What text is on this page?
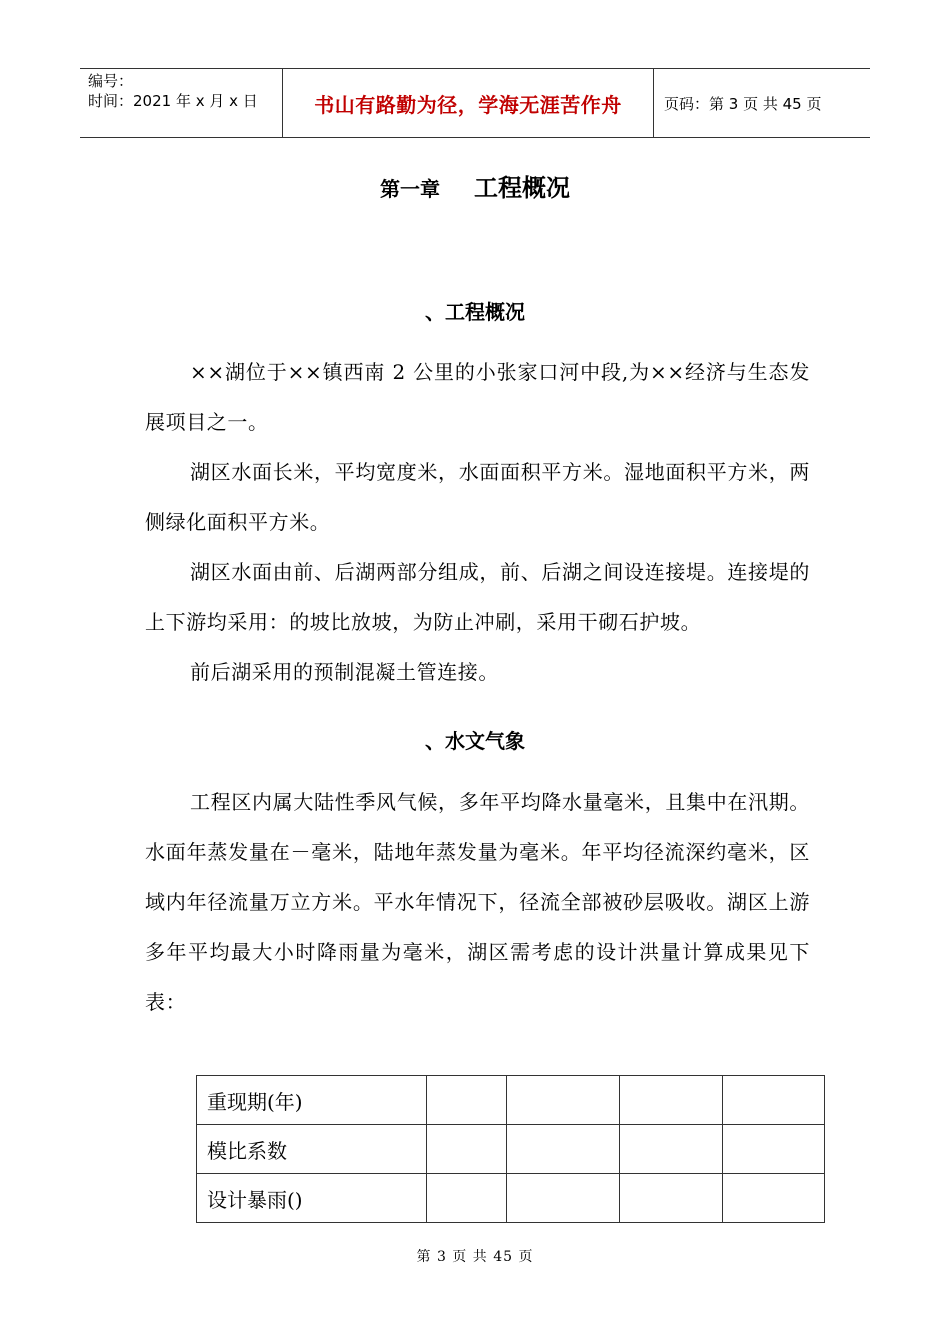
编号：
时间：2021 年 x 月 x 日	书山有路勤为径，学海无涯苦作舟	页码：第 3 页 共 45 页
第一章 工程概况
、工程概况
××湖位于××镇西南 2 公里的小张家口河中段,为××经济与生态发展项目之一。
湖区水面长米，平均宽度米，水面面积平方米。湿地面积平方米，两侧绿化面积平方米。
湖区水面由前、后湖两部分组成，前、后湖之间设连接堤。连接堤的上下游均采用：的坡比放坡，为防止冲刷，采用干砌石护坡。
前后湖采用的预制混凝土管连接。
、水文气象
工程区内属大陆性季风气候，多年平均降水量毫米，且集中在汛期。水面年蒸发量在－毫米，陆地年蒸发量为毫米。年平均径流深约毫米，区域内年径流量万立方米。平水年情况下，径流全部被砂层吸收。湖区上游多年平均最大小时降雨量为毫米，湖区需考虑的设计洪量计算成果见下表：
重现期(年)				
模比系数				
设计暴雨()				
第 3 页 共 45 页
